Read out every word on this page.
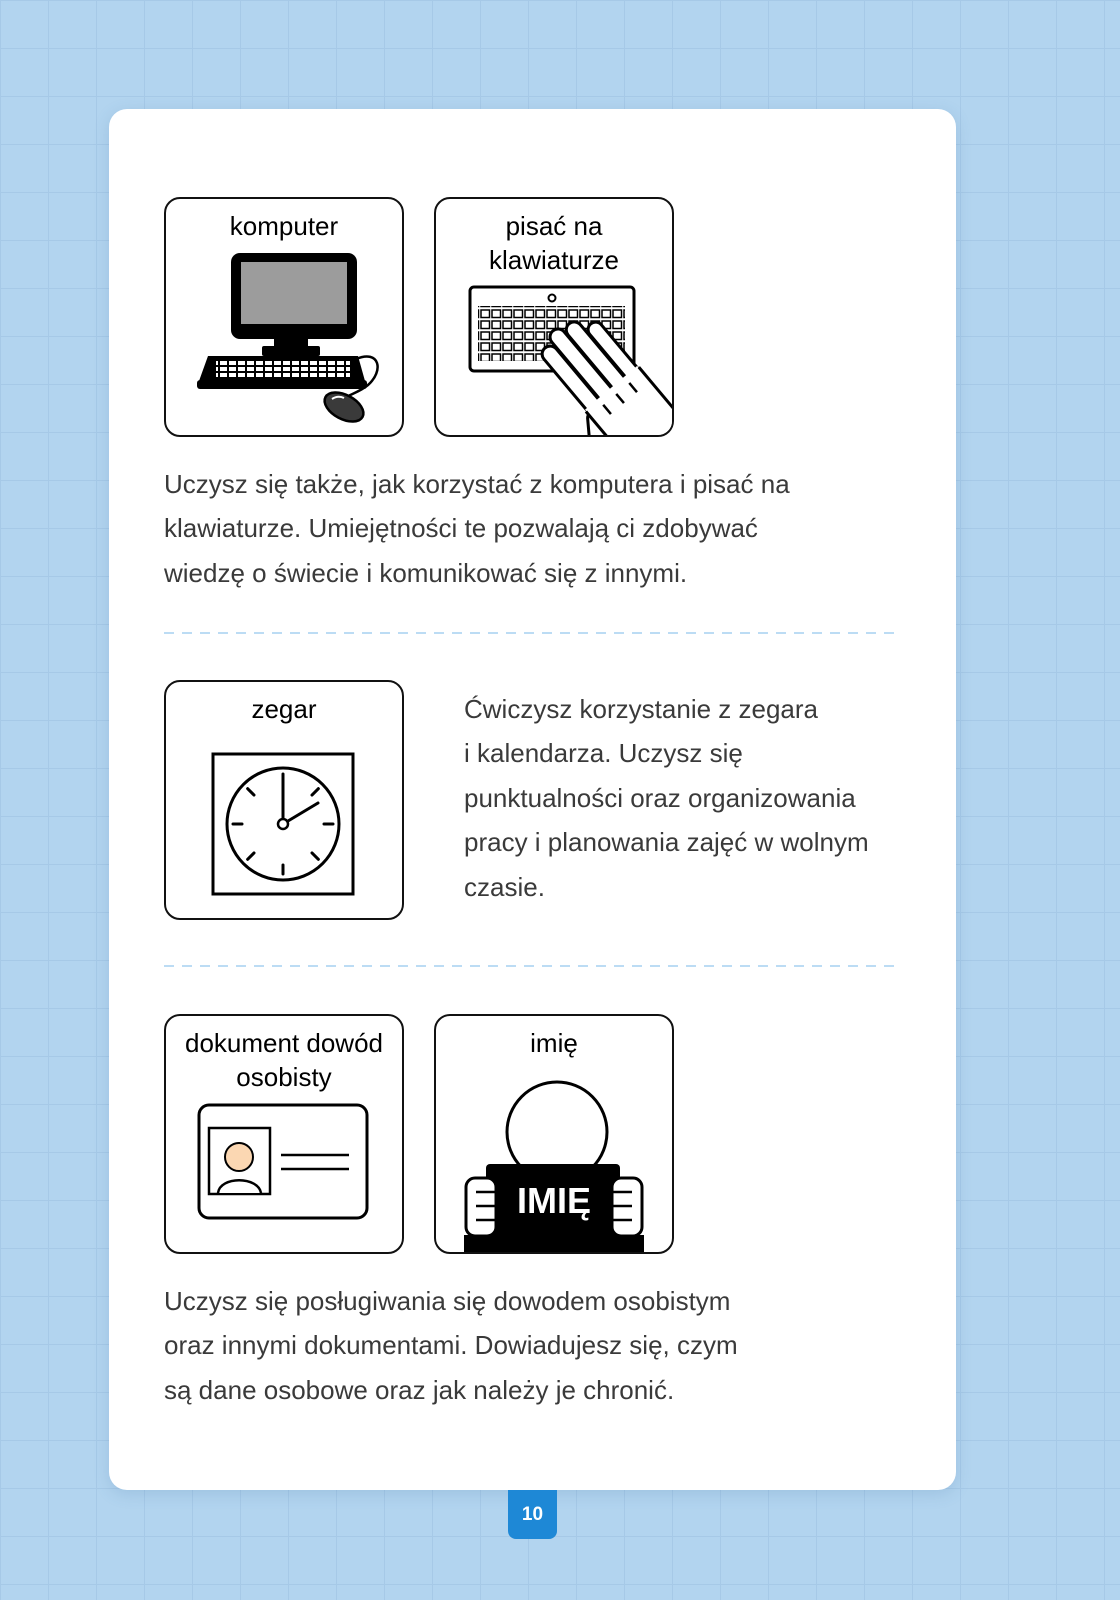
komputer	pisać na
klawiaturze
Uczysz się także, jak korzystać z komputera i pisać na
klawiaturze. Umiejętności te pozwalają ci zdobywać
wiedzę o świecie i komunikować się z innymi.
zegar	Ćwiczysz korzystanie z zegara
i kalendarza. Uczysz się
punktualności oraz organizowania
pracy i planowania zajęć w wolnym
czasie.
dokument dowód
osobisty
imię
IMIĘ
Uczysz się posługiwania się dowodem osobistym
oraz innymi dokumentami. Dowiadujesz się, czym
są dane osobowe oraz jak należy je chronić.
10
